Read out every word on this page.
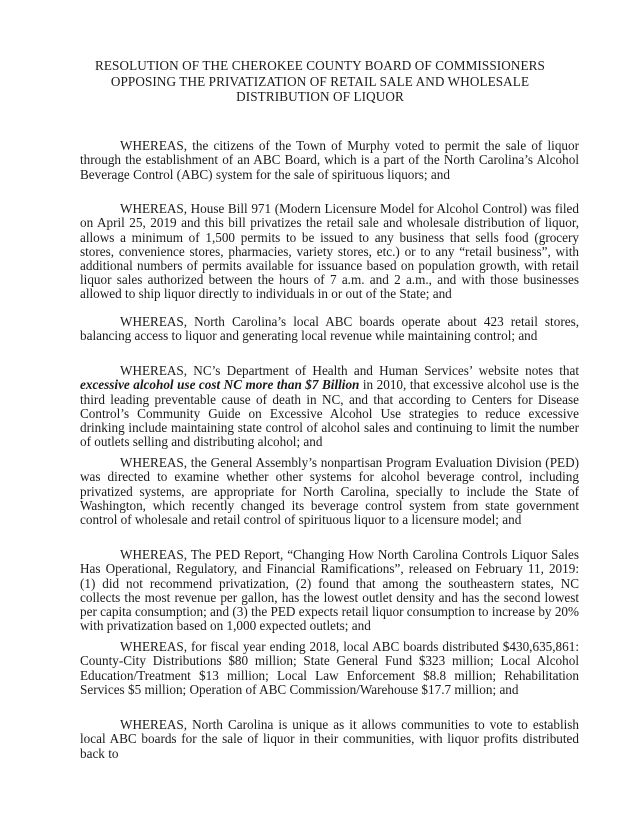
RESOLUTION OF THE CHEROKEE COUNTY BOARD OF COMMISSIONERS
OPPOSING THE PRIVATIZATION OF RETAIL SALE AND WHOLESALE
DISTRIBUTION OF LIQUOR

WHEREAS, the citizens of the Town of Murphy voted to permit the sale of liquor through the establishment of an ABC Board, which is a part of the North Carolina’s Alcohol Beverage Control (ABC) system for the sale of spirituous liquors; and

WHEREAS, House Bill 971 (Modern Licensure Model for Alcohol Control) was filed on April 25, 2019 and this bill privatizes the retail sale and wholesale distribution of liquor, allows a minimum of 1,500 permits to be issued to any business that sells food (grocery stores, convenience stores, pharmacies, variety stores, etc.) or to any “retail business”, with additional numbers of permits available for issuance based on population growth, with retail liquor sales authorized between the hours of 7 a.m. and 2 a.m., and with those businesses allowed to ship liquor directly to individuals in or out of the State; and

WHEREAS, North Carolina’s local ABC boards operate about 423 retail stores, balancing access to liquor and generating local revenue while maintaining control; and

WHEREAS, NC’s Department of Health and Human Services’ website notes that excessive alcohol use cost NC more than $7 Billion in 2010, that excessive alcohol use is the third leading preventable cause of death in NC, and that according to Centers for Disease Control’s Community Guide on Excessive Alcohol Use strategies to reduce excessive drinking include maintaining state control of alcohol sales and continuing to limit the number of outlets selling and distributing alcohol; and

WHEREAS, the General Assembly’s nonpartisan Program Evaluation Division (PED) was directed to examine whether other systems for alcohol beverage control, including privatized systems, are appropriate for North Carolina, specially to include the State of Washington, which recently changed its beverage control system from state government control of wholesale and retail control of spirituous liquor to a licensure model; and

WHEREAS, The PED Report, “Changing How North Carolina Controls Liquor Sales Has Operational, Regulatory, and Financial Ramifications”, released on February 11, 2019: (1) did not recommend privatization, (2) found that among the southeastern states, NC collects the most revenue per gallon, has the lowest outlet density and has the second lowest per capita consumption; and (3) the PED expects retail liquor consumption to increase by 20% with privatization based on 1,000 expected outlets; and

WHEREAS, for fiscal year ending 2018, local ABC boards distributed $430,635,861: County-City Distributions $80 million; State General Fund $323 million; Local Alcohol Education/Treatment $13 million; Local Law Enforcement $8.8 million; Rehabilitation Services $5 million; Operation of ABC Commission/Warehouse $17.7 million; and

WHEREAS, North Carolina is unique as it allows communities to vote to establish local ABC boards for the sale of liquor in their communities, with liquor profits distributed back to
